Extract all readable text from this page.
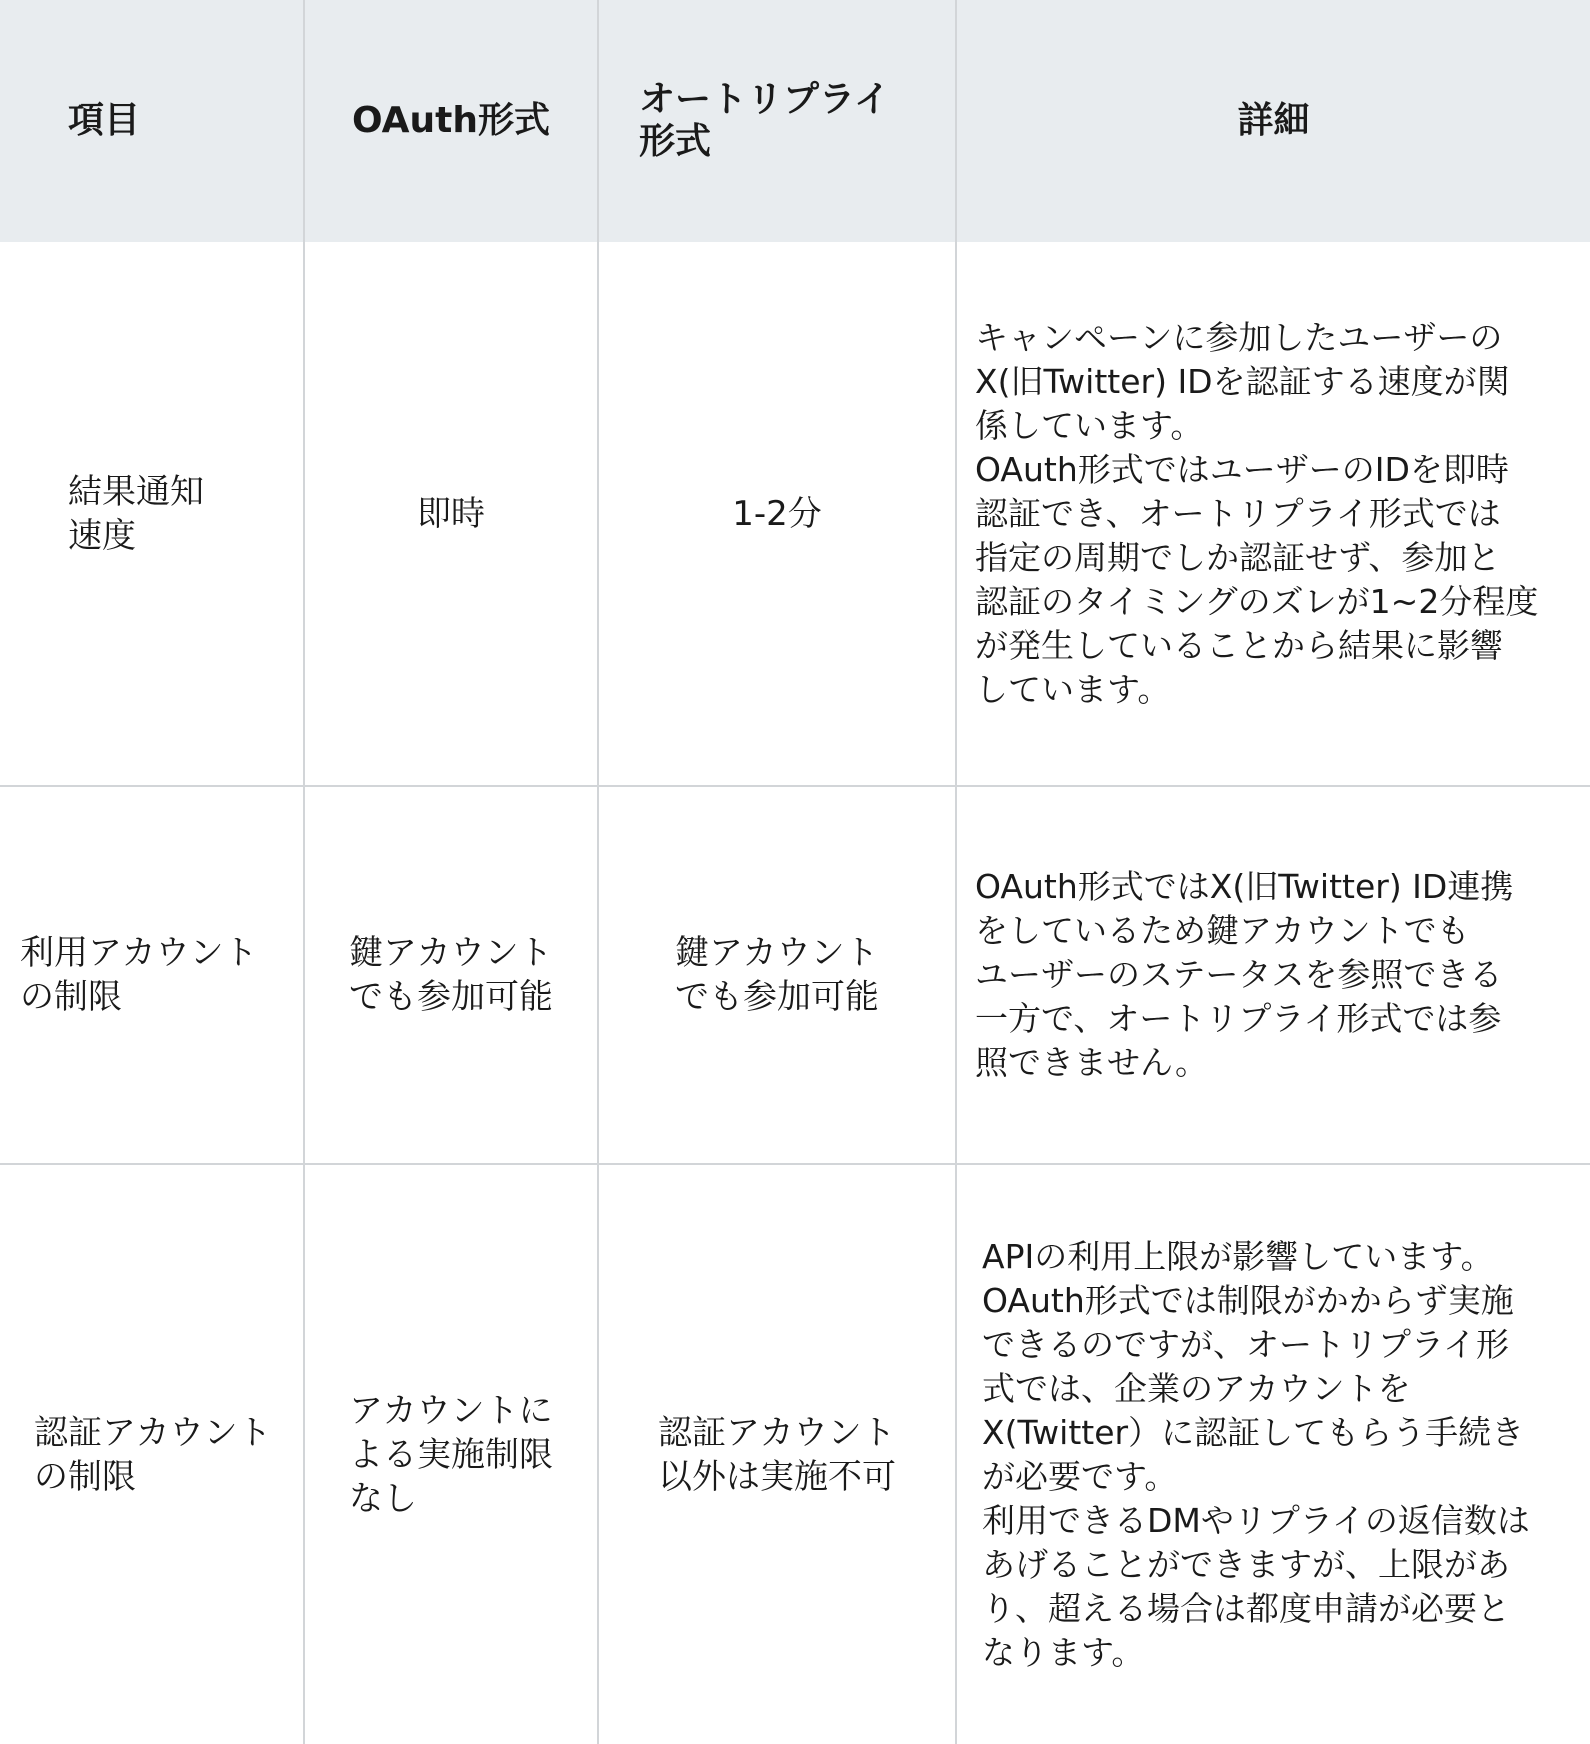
項目	OAuth形式
オートリプライ
形式
詳細
結果通知
速度
即時	1-2分
キャンペーンに参加したユーザーの
X(旧Twitter) IDを認証する速度が関
係しています。
OAuth形式ではユーザーのIDを即時
認証でき、オートリプライ形式では
指定の周期でしか認証せず、参加と
認証のタイミングのズレが1~2分程度
が発生していることから結果に影響
しています。
利用アカウント
の制限
鍵アカウント
でも参加可能
鍵アカウント
でも参加可能
OAuth形式ではX(旧Twitter) ID連携
をしているため鍵アカウントでも
ユーザーのステータスを参照できる
一方で、オートリプライ形式では参
照できません。
認証アカウント
の制限
アカウントに
よる実施制限
なし
認証アカウント
以外は実施不可
APIの利用上限が影響しています。
OAuth形式では制限がかからず実施
できるのですが、オートリプライ形
式では、企業のアカウントを
X(Twitter）に認証してもらう手続き
が必要です。
利用できるDMやリプライの返信数は
あげることができますが、上限があ
り、超える場合は都度申請が必要と
なります。
